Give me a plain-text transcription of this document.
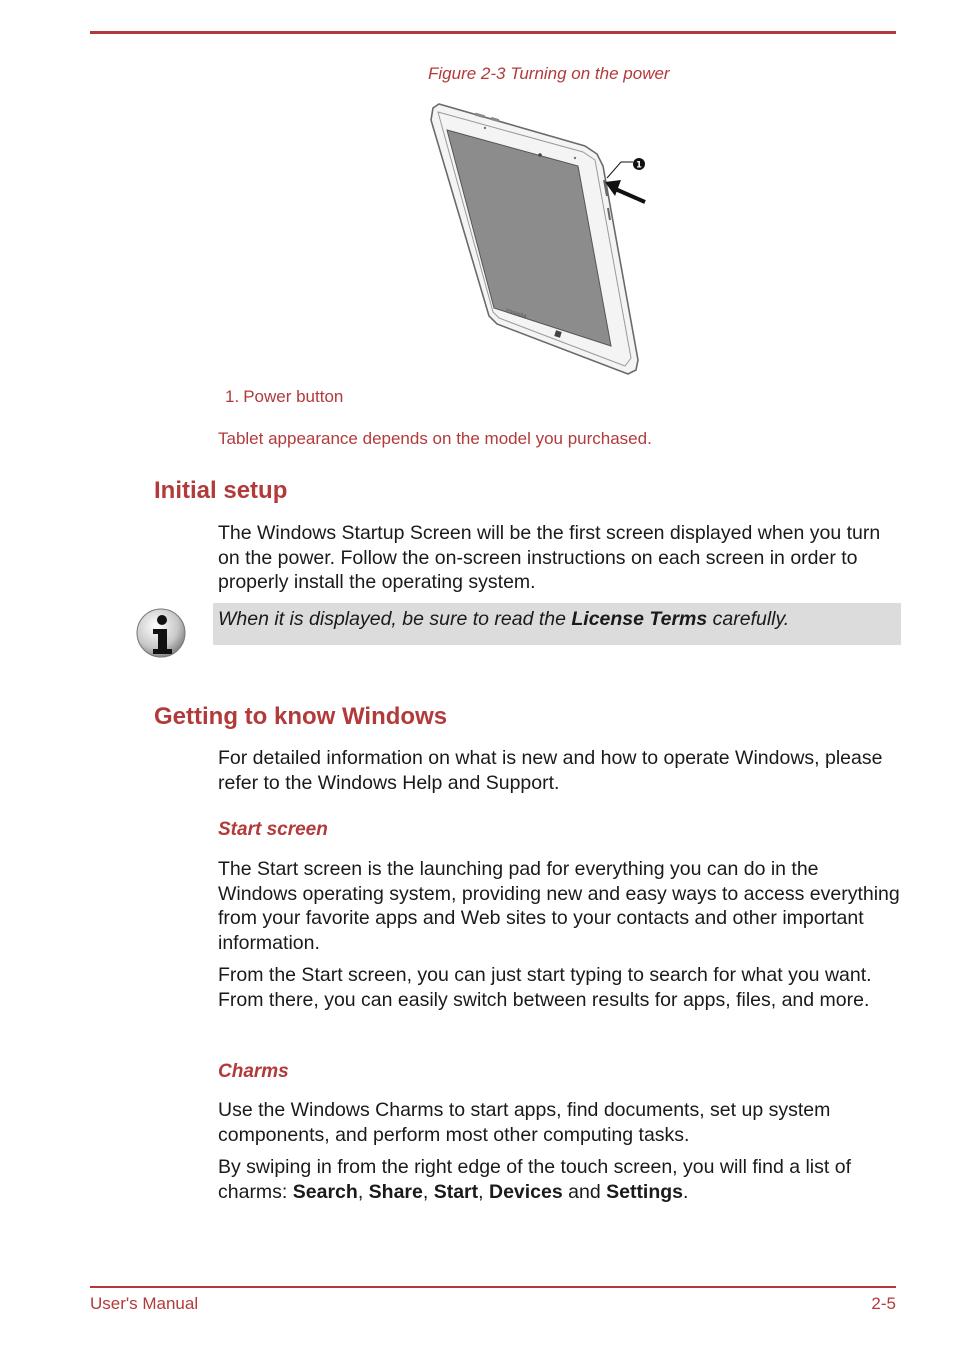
Figure 2-3 Turning on the power
TOSHIBA
1
1. Power button
Tablet appearance depends on the model you purchased.
Initial setup

The Windows Startup Screen will be the first screen displayed when you turn on the power. Follow the on-screen instructions on each screen in order to properly install the operating system.

When it is displayed, be sure to read the License Terms carefully.

Getting to know Windows

For detailed information on what is new and how to operate Windows, please refer to the Windows Help and Support.

Start screen

The Start screen is the launching pad for everything you can do in the Windows operating system, providing new and easy ways to access everything from your favorite apps and Web sites to your contacts and other important information.

From the Start screen, you can just start typing to search for what you want. From there, you can easily switch between results for apps, files, and more.

Charms

Use the Windows Charms to start apps, find documents, set up system components, and perform most other computing tasks.

By swiping in from the right edge of the touch screen, you will find a list of charms: Search, Share, Start, Devices and Settings.

User's Manual	2-5
